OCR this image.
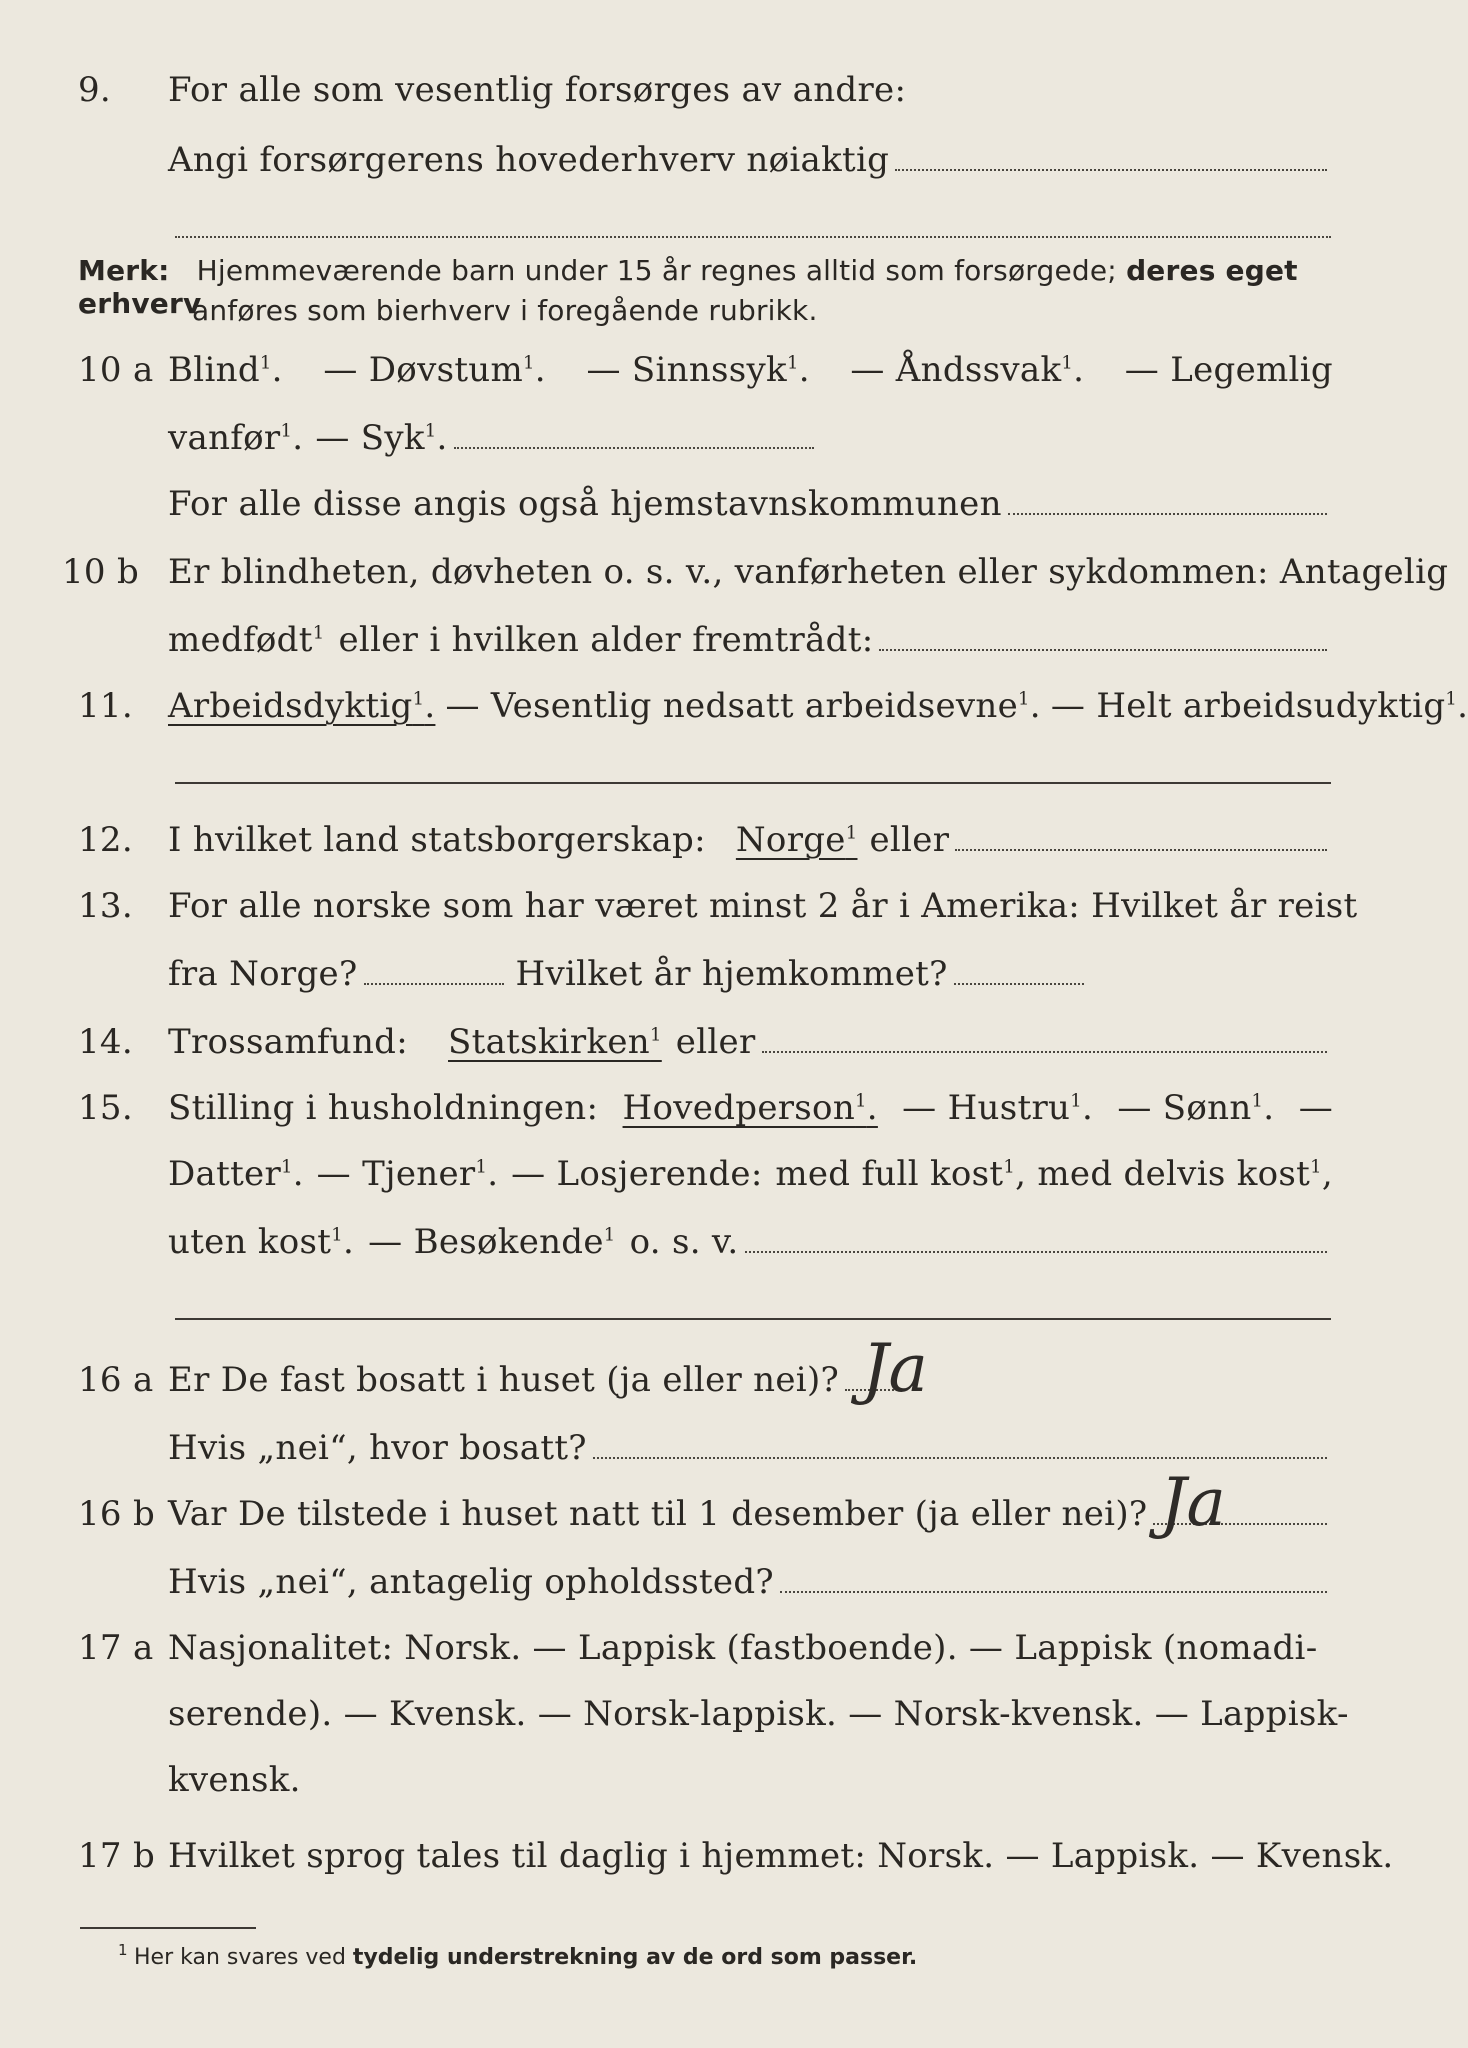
9.	For alle som vesentlig forsørges av andre:
Angi forsørgerens hovederhverv nøiaktig
Merk: Hjemmeværende barn under 15 år regnes alltid som forsørgede; deres eget erhverv
anføres som bierhverv i foregående rubrikk.
10 a Blind$^1$. — Døvstum$^1$. — Sinnssyk$^1$. — Åndssvak$^1$. — Legemlig
vanfør$^1$. — Syk$^1$.
For alle disse angis også hjemstavnskommunen
10 b Er blindheten, døvheten o. s. v., vanførheten eller sykdommen: Antagelig
medfødt$^1$ eller i hvilken alder fremtrådt:
11.	Arbeidsdyktig$^1$. — Vesentlig nedsatt arbeidsevne$^1$. — Helt arbeidsudyktig$^1$.
12.	I hvilket land statsborgerskap: Norge$^1$ eller
13.	For alle norske som har været minst 2 år i Amerika: Hvilket år reist
fra Norge?	Hvilket år hjemkommet?
14.	Trossamfund: Statskirken$^1$ eller
15.	Stilling i husholdningen: Hovedperson$^1$. — Hustru$^1$. — Sønn$^1$. —
Datter$^1$. — Tjener$^1$. — Losjerende: med full kost$^1$, med delvis kost$^1$,
uten kost$^1$. — Besøkende$^1$ o. s. v.
16 a Er De fast bosatt i huset (ja eller nei)? Ja
Hvis „nei“, hvor bosatt?
16 b Var De tilstede i huset natt til 1 desember (ja eller nei)? Ja
Hvis „nei“, antagelig opholdssted?
17 a Nasjonalitet: Norsk. — Lappisk (fastboende). — Lappisk (nomadi-
serende). — Kvensk. — Norsk-lappisk. — Norsk-kvensk. — Lappisk-
kvensk.
17 b Hvilket sprog tales til daglig i hjemmet: Norsk. — Lappisk. — Kvensk.
1 Her kan svares ved tydelig understrekning av de ord som passer.
